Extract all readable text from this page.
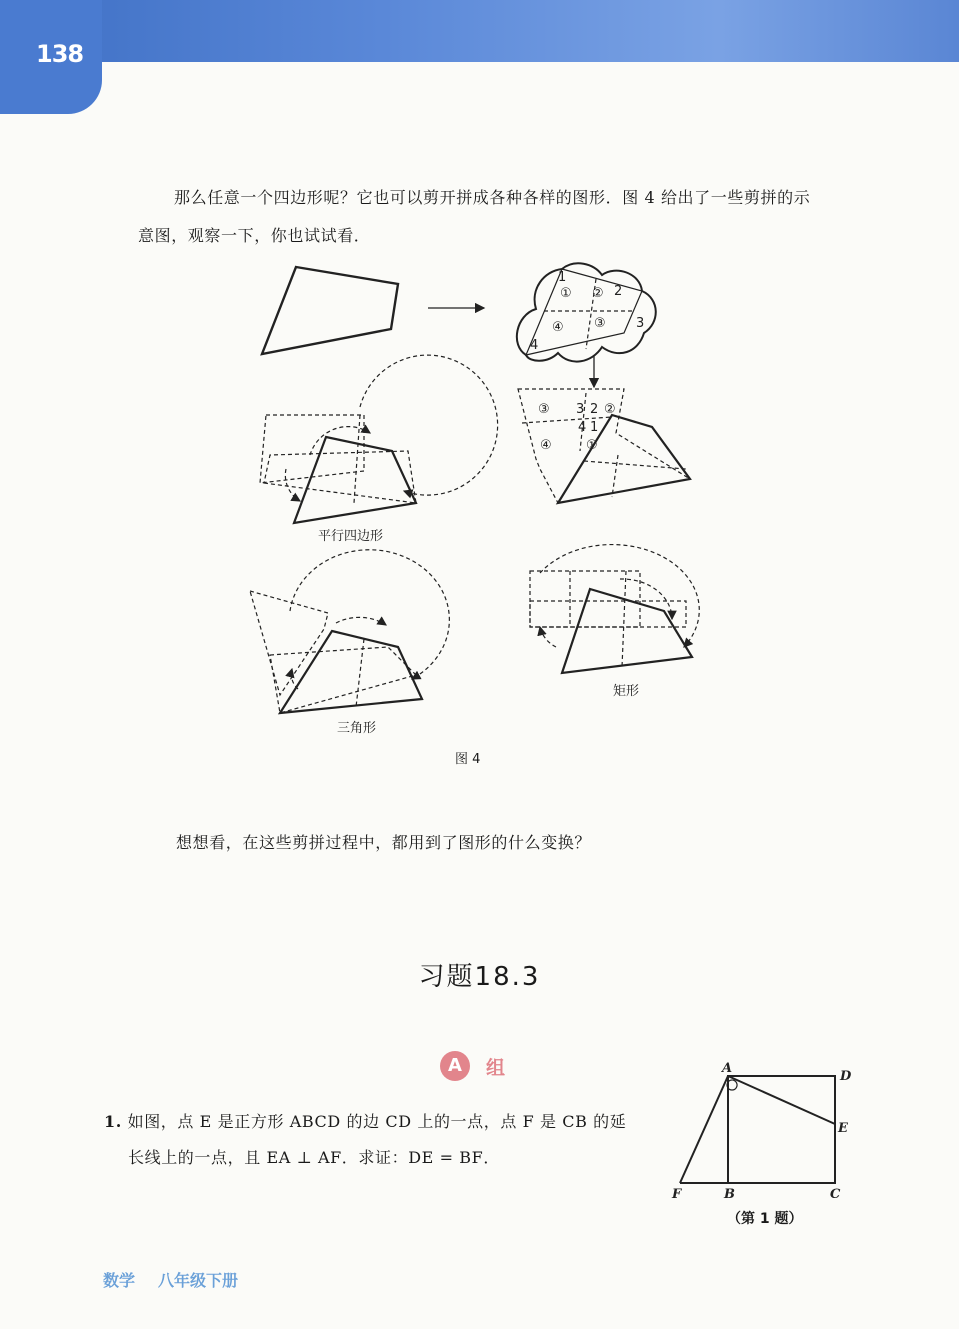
138

那么任意一个四边形呢？它也可以剪开拼成各种各样的图形．图 4 给出了一些剪拼的示意图，观察一下，你也试试看．

① ②
③
④
1
2
3
4
③	②
④	①
3 2
4 1
平行四边形
三角形
矩形
图 4

想想看，在这些剪拼过程中，都用到了图形的什么变换？

习题18.3
A	组
1. 如图，点 E 是正方形 ABCD 的边 CD 上的一点，点 F 是 CB 的延
长线上的一点，且 EA ⊥ AF．求证：DE = BF．
A
D
E
F	B	C
（第 1 题）
数学 八年级下册
